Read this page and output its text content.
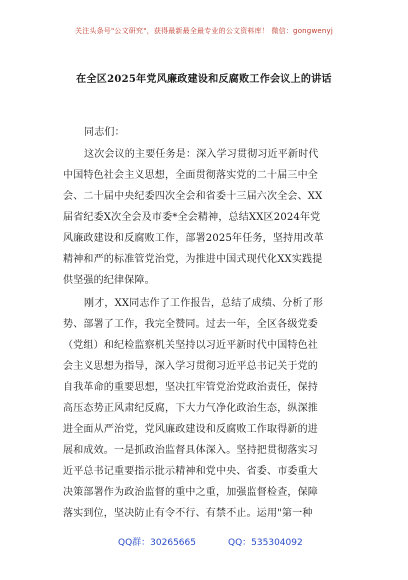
关注头条号"公文研究"，获得最新最全最专业的公文资料库！ 微信：gongwenyj
在全区2025年党风廉政建设和反腐败工作会议上的讲话
同志们：
这次会议的主要任务是：深入学习贯彻习近平新时代
中国特色社会主义思想，全面贯彻落实党的二十届三中全
会、二十届中央纪委四次全会和省委十三届六次全会、XX
届省纪委X次全会及市委*全会精神，总结XX区2024年党
风廉政建设和反腐败工作，部署2025年任务，坚持用改革
精神和严的标准管党治党，为推进中国式现代化XX实践提
供坚强的纪律保障。
刚才，XX同志作了工作报告，总结了成绩、分析了形
势、部署了工作，我完全赞同。过去一年，全区各级党委
（党组）和纪检监察机关坚持以习近平新时代中国特色社
会主义思想为指导，深入学习贯彻习近平总书记关于党的
自我革命的重要思想，坚决扛牢管党治党政治责任，保持
高压态势正风肃纪反腐，下大力气净化政治生态，纵深推
进全面从严治党，党风廉政建设和反腐败工作取得新的进
展和成效。一是抓政治监督具体深入。坚持把贯彻落实习
近平总书记重要指示批示精神和党中央、省委、市委重大
决策部署作为政治监督的重中之重，加强监督检查，保障
落实到位，坚决防止有令不行、有禁不止。运用"第一种
QQ群：30265665	QQ：535304092
